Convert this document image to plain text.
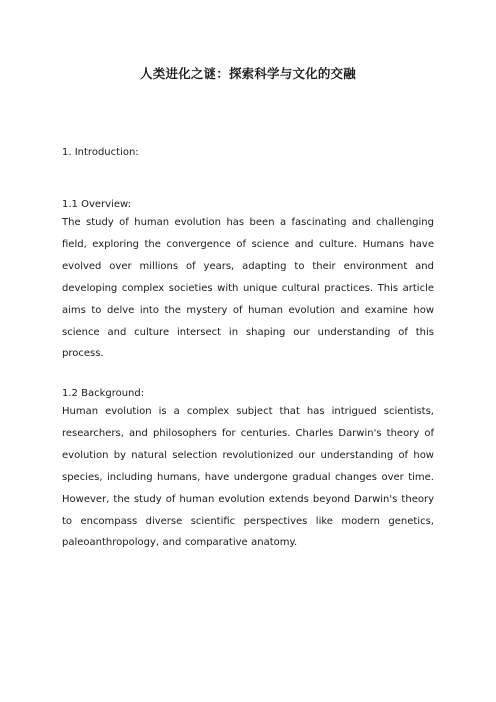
人类进化之谜：探索科学与文化的交融
1. Introduction:
1.1 Overview:

The study of human evolution has been a fascinating and challenging field, exploring the convergence of science and culture. Humans have evolved over millions of years, adapting to their environment and developing complex societies with unique cultural practices. This article aims to delve into the mystery of human evolution and examine how science and culture intersect in shaping our understanding of this process.

1.2 Background:

Human evolution is a complex subject that has intrigued scientists, researchers, and philosophers for centuries. Charles Darwin's theory of evolution by natural selection revolutionized our understanding of how species, including humans, have undergone gradual changes over time. However, the study of human evolution extends beyond Darwin's theory to encompass diverse scientific perspectives like modern genetics, paleoanthropology, and comparative anatomy.
